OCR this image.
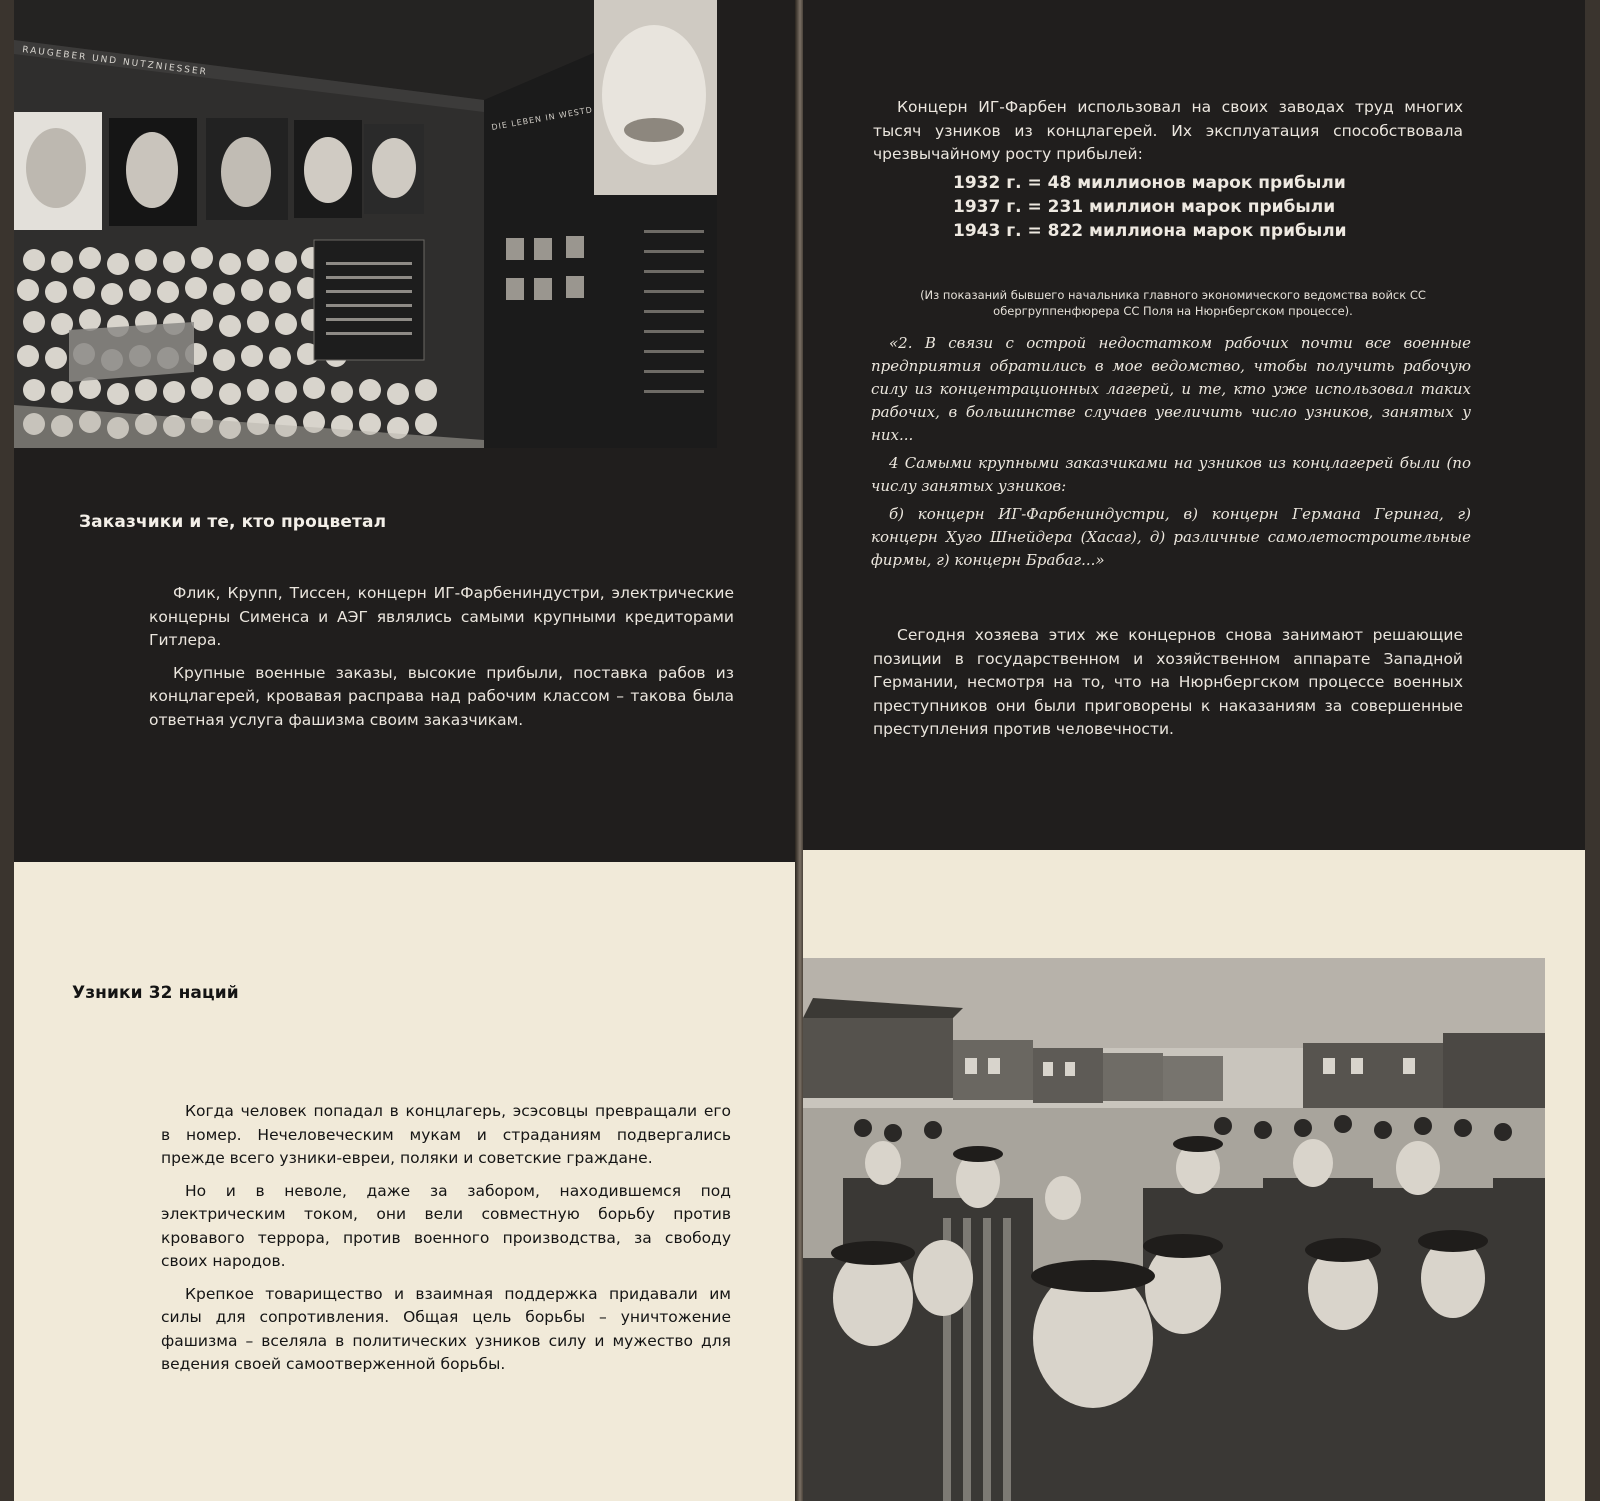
RAUGEBER UND NUTZNIESSER
DIE LEBEN IN WESTD
Заказчики и те, кто процветал

Флик, Крупп, Тиссен, концерн ИГ-Фарбениндустри, электрические концерны Сименса и АЭГ являлись самыми крупными кредиторами Гитлера.

Крупные военные заказы, высокие прибыли, поставка рабов из концлагерей, кровавая расправа над рабочим классом – такова была ответная услуга фашизма своим заказчикам.

Узники 32 наций

Когда человек попадал в концлагерь, эсэсовцы превращали его в номер. Нечеловеческим мукам и страданиям подвергались прежде всего узники-евреи, поляки и советские граждане.

Но и в неволе, даже за забором, находившемся под электрическим током, они вели совместную борьбу против кровавого террора, против военного производства, за свободу своих народов.

Крепкое товарищество и взаимная поддержка придавали им силы для сопротивления. Общая цель борьбы – уничтожение фашизма – вселяла в политических узников силу и мужество для ведения своей самоотверженной борьбы.

Концерн ИГ-Фарбен использовал на своих заводах труд многих тысяч узников из концлагерей. Их эксплуатация способствовала чрезвычайному росту прибылей:

1932 г. = 48 миллионов марок прибыли
1937 г. = 231 миллион марок прибыли
1943 г. = 822 миллиона марок прибыли
(Из показаний бывшего начальника главного экономического ведомства войск СС обергруппенфюрера СС Поля на Нюрнбергском процессе).

«2. В связи с острой недостатком рабочих почти все военные предприятия обратились в мое ведомство, чтобы получить рабочую силу из концентрационных лагерей, и те, кто уже использовал таких рабочих, в большинстве случаев увеличить число узников, занятых у них...

4 Самыми крупными заказчиками на узников из концлагерей были (по числу занятых узников:

б) концерн ИГ-Фарбениндустри, в) концерн Германа Геринга, г) концерн Хуго Шнейдера (Хасаг), д) различные самолетостроительные фирмы, г) концерн Брабаг...»

Сегодня хозяева этих же концернов снова занимают решающие позиции в государственном и хозяйственном аппарате Западной Германии, несмотря на то, что на Нюрнбергском процессе военных преступников они были приговорены к наказаниям за совершенные преступления против человечности.
